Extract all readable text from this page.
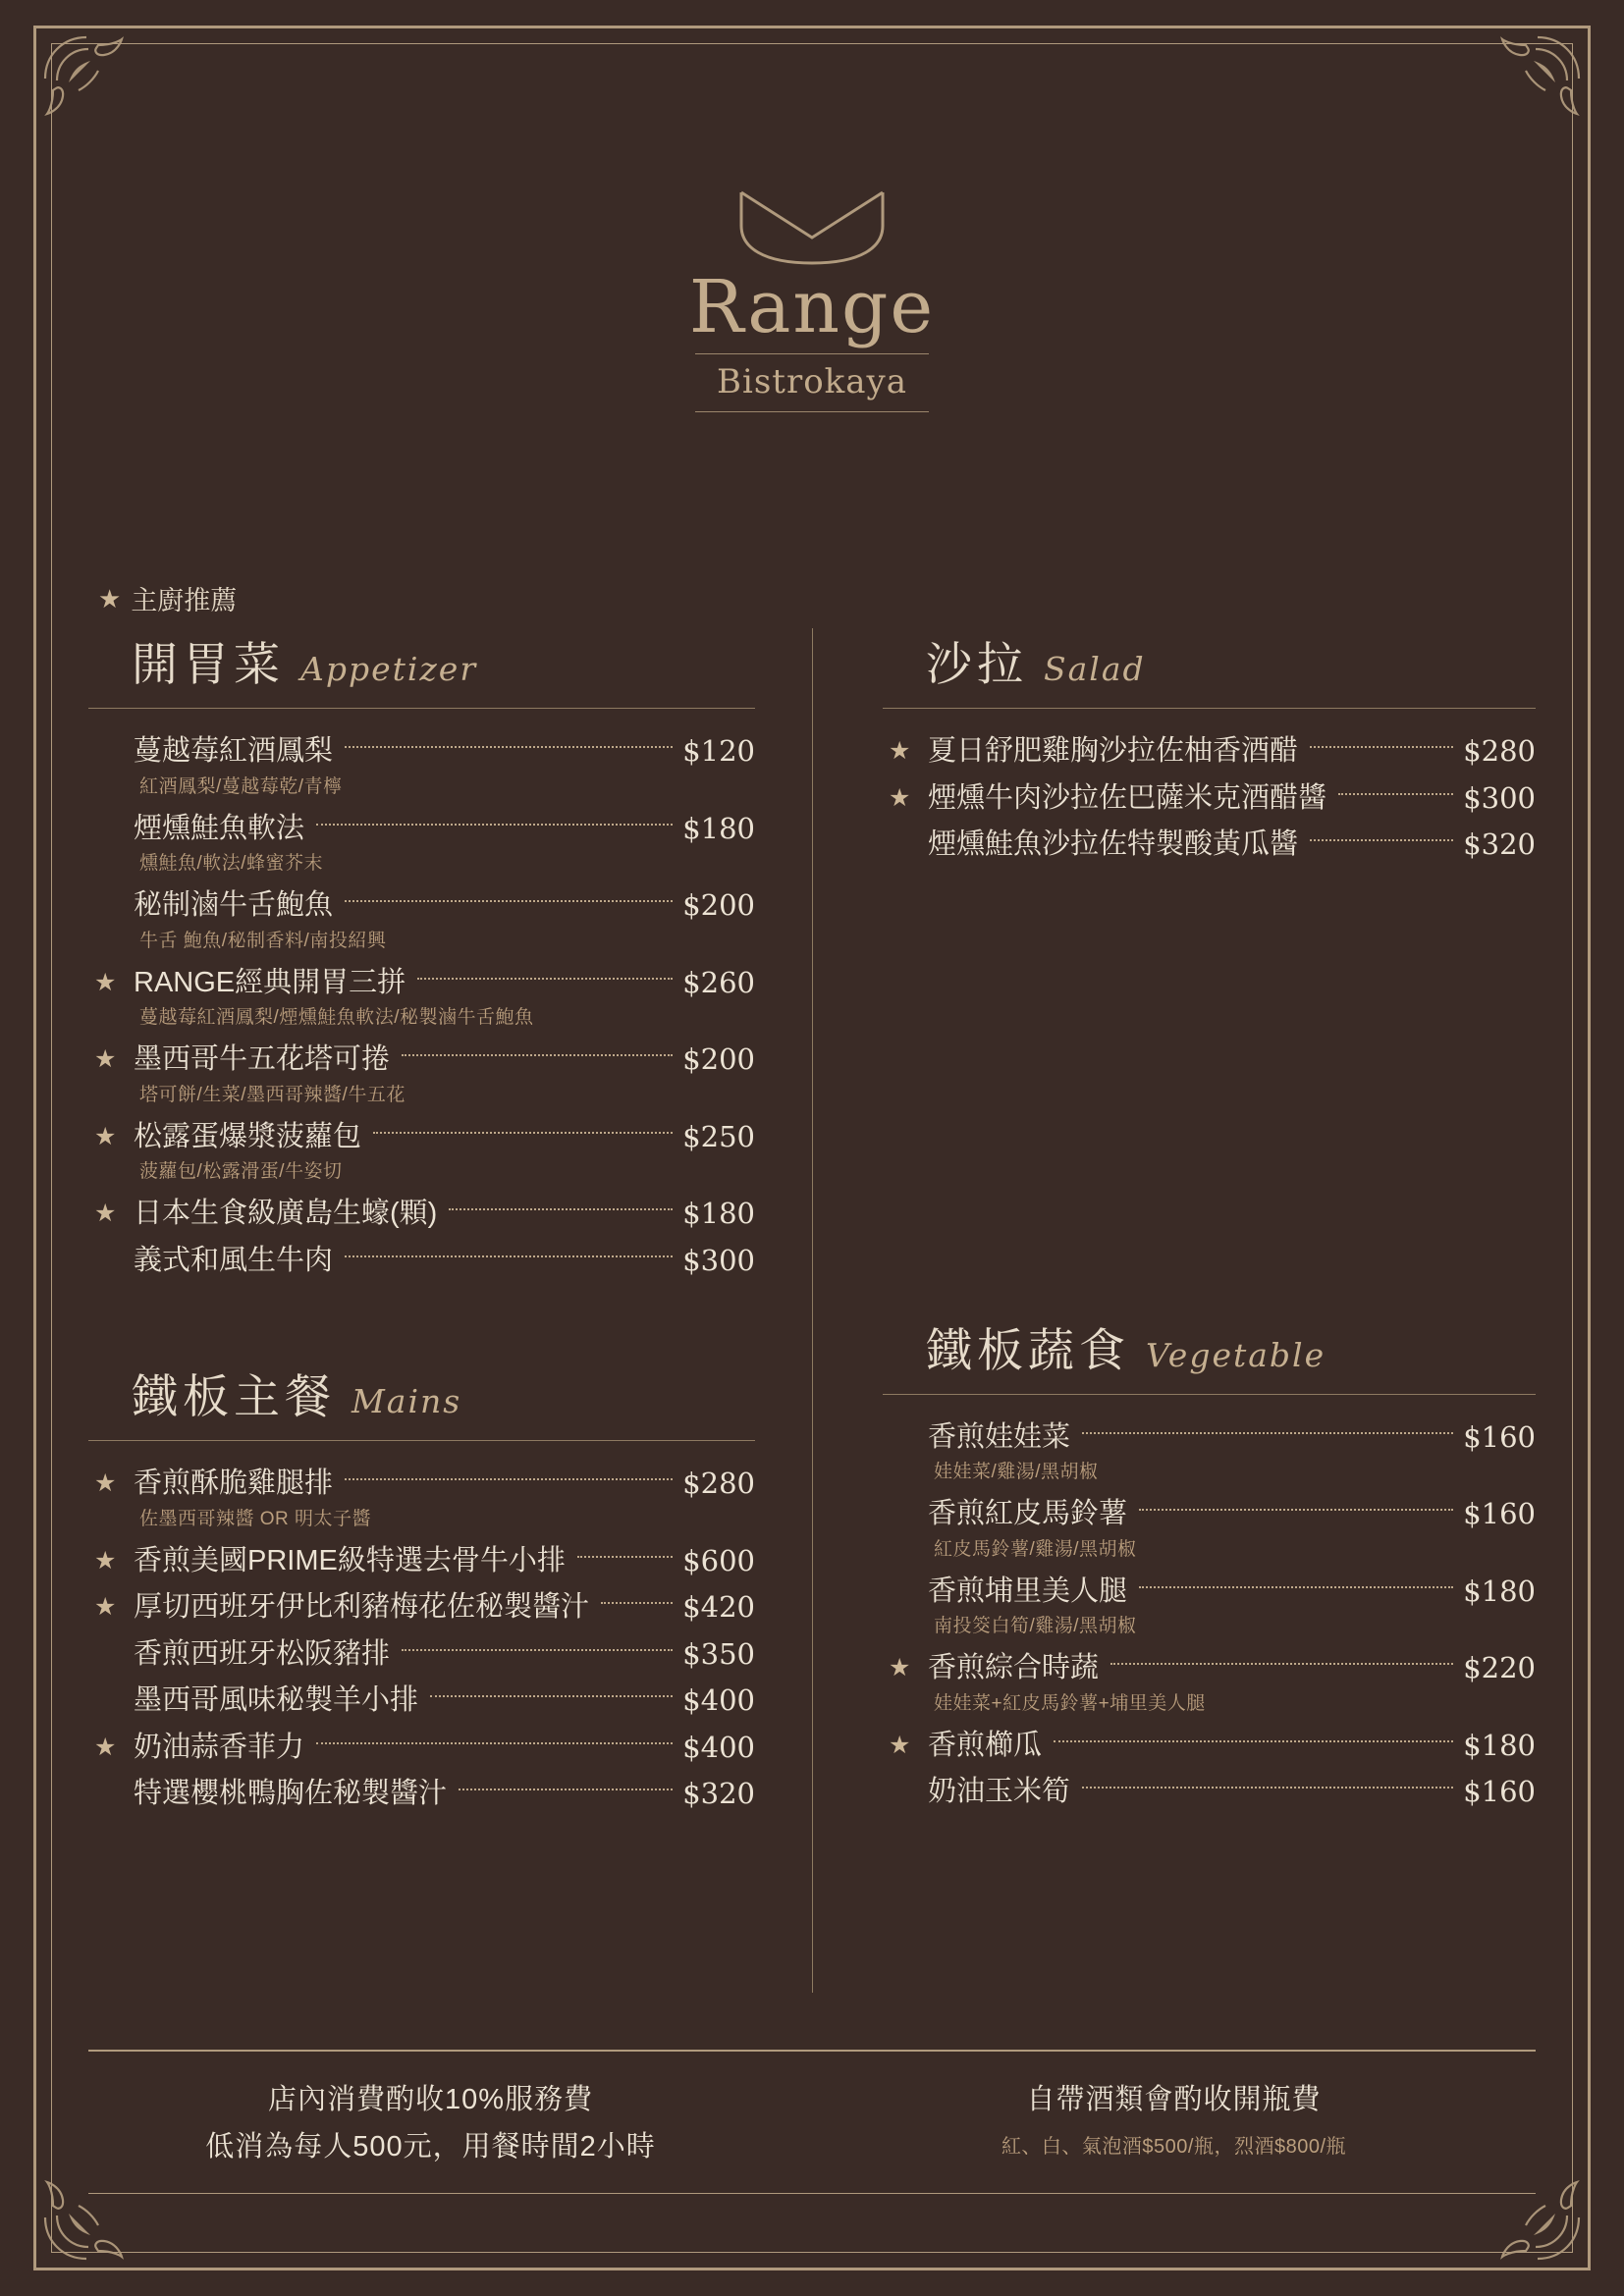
Range
Bistrokaya
★ 主廚推薦
開胃菜 Appetizer
蔓越莓紅酒鳳梨	$120
紅酒鳳梨/蔓越莓乾/青檸
煙燻鮭魚軟法	$180
燻鮭魚/軟法/蜂蜜芥末
秘制滷牛舌鮑魚	$200
牛舌 鮑魚/秘制香料/南投紹興
★ RANGE經典開胃三拼	$260
蔓越莓紅酒鳳梨/煙燻鮭魚軟法/秘製滷牛舌鮑魚
★ 墨西哥牛五花塔可捲	$200
塔可餅/生菜/墨西哥辣醬/牛五花
★ 松露蛋爆漿菠蘿包	$250
菠蘿包/松露滑蛋/牛姿切
★ 日本生食級廣島生蠔(顆)	$180
義式和風生牛肉	$300
鐵板主餐 Mains
★ 香煎酥脆雞腿排	$280
佐墨西哥辣醬 OR 明太子醬
★ 香煎美國PRIME級特選去骨牛小排	$600
★ 厚切西班牙伊比利豬梅花佐秘製醬汁	$420
香煎西班牙松阪豬排	$350
墨西哥風味秘製羊小排	$400
★ 奶油蒜香菲力	$400
特選櫻桃鴨胸佐秘製醬汁	$320
沙拉 Salad
★ 夏日舒肥雞胸沙拉佐柚香酒醋	$280
★ 煙燻牛肉沙拉佐巴薩米克酒醋醬	$300
煙燻鮭魚沙拉佐特製酸黃瓜醬	$320
鐵板蔬食 Vegetable
香煎娃娃菜	$160
娃娃菜/雞湯/黑胡椒
香煎紅皮馬鈴薯	$160
紅皮馬鈴薯/雞湯/黑胡椒
香煎埔里美人腿	$180
南投筊白筍/雞湯/黑胡椒
★ 香煎綜合時蔬	$220
娃娃菜+紅皮馬鈴薯+埔里美人腿
★ 香煎櫛瓜	$180
奶油玉米筍	$160
店內消費酌收10%服務費
低消為每人500元，用餐時間2小時
自帶酒類會酌收開瓶費
紅、白、氣泡酒$500/瓶，烈酒$800/瓶
